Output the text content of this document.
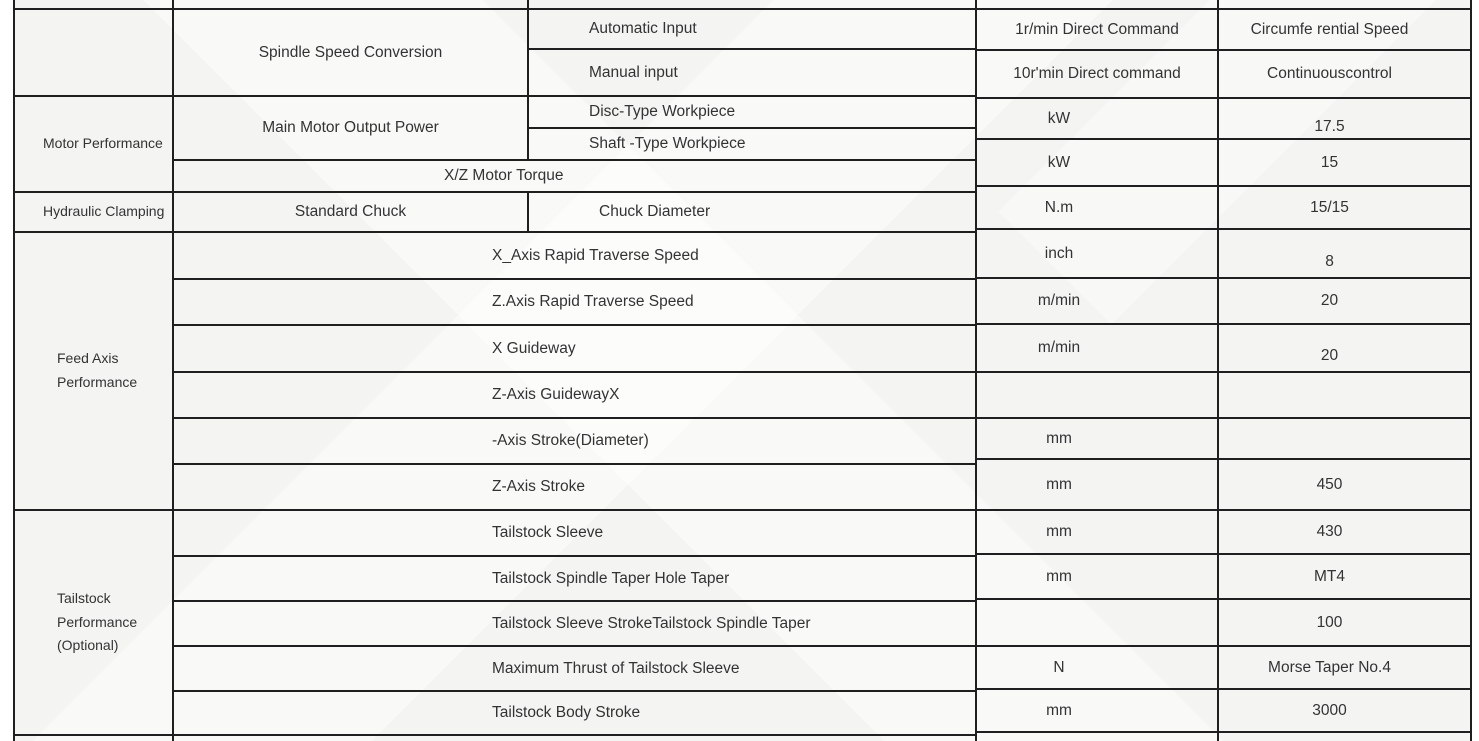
Motor Performance
Hydraulic Clamping
Feed Axis
Performance
Tailstock
Performance
(Optional)
Spindle Speed Conversion
Main Motor Output Power
Standard Chuck
Automatic Input
Manual input
Disc-Type Workpiece
Shaft -Type Workpiece
Chuck Diameter
X/Z Motor Torque
X_Axis Rapid Traverse Speed
Z.Axis Rapid Traverse Speed
X Guideway
Z-Axis GuidewayX
-Axis Stroke(Diameter)
Z-Axis Stroke
Tailstock Sleeve
Tailstock Spindle Taper Hole Taper
Tailstock Sleeve StrokeTailstock Spindle Taper
Maximum Thrust of Tailstock Sleeve
Tailstock Body Stroke
1r/min Direct Command
10r'min Direct command
kW
kW
N.m
inch
m/min
m/min
mm
mm
mm
mm
N
mm
Circumfe rential Speed
Continuouscontrol
17.5
15
15/15
8
20
20
450
430
MT4
100
Morse Taper No.4
3000
